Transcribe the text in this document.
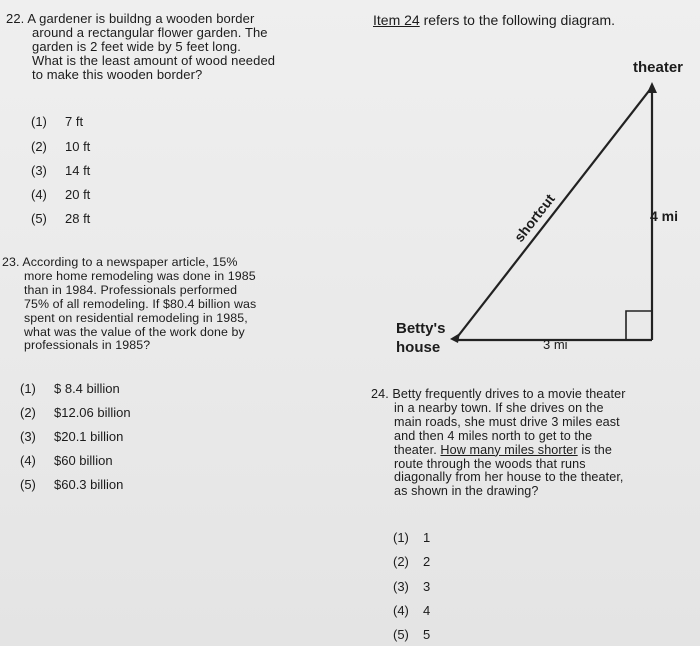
22. A gardener is buildng a wooden border
around a rectangular flower garden. The
garden is 2 feet wide by 5 feet long.
What is the least amount of wood needed
to make this wooden border?
(1) 7 ft
(2) 10 ft
(3) 14 ft
(4) 20 ft
(5) 28 ft
23. According to a newspaper article, 15%
more home remodeling was done in 1985
than in 1984. Professionals performed
75% of all remodeling. If $80.4 billion was
spent on residential remodeling in 1985,
what was the value of the work done by
professionals in 1985?
(1) $ 8.4 billion
(2) $12.06 billion
(3) $20.1 billion
(4) $60 billion
(5) $60.3 billion
Item 24 refers to the following diagram.
theater
shortcut	4 mi
3 mi
Betty's
house
24. Betty frequently drives to a movie theater
in a nearby town. If she drives on the
main roads, she must drive 3 miles east
and then 4 miles north to get to the
theater. How many miles shorter is the
route through the woods that runs
diagonally from her house to the theater,
as shown in the drawing?
(1) 1
(2) 2
(3) 3
(4) 4
(5) 5
